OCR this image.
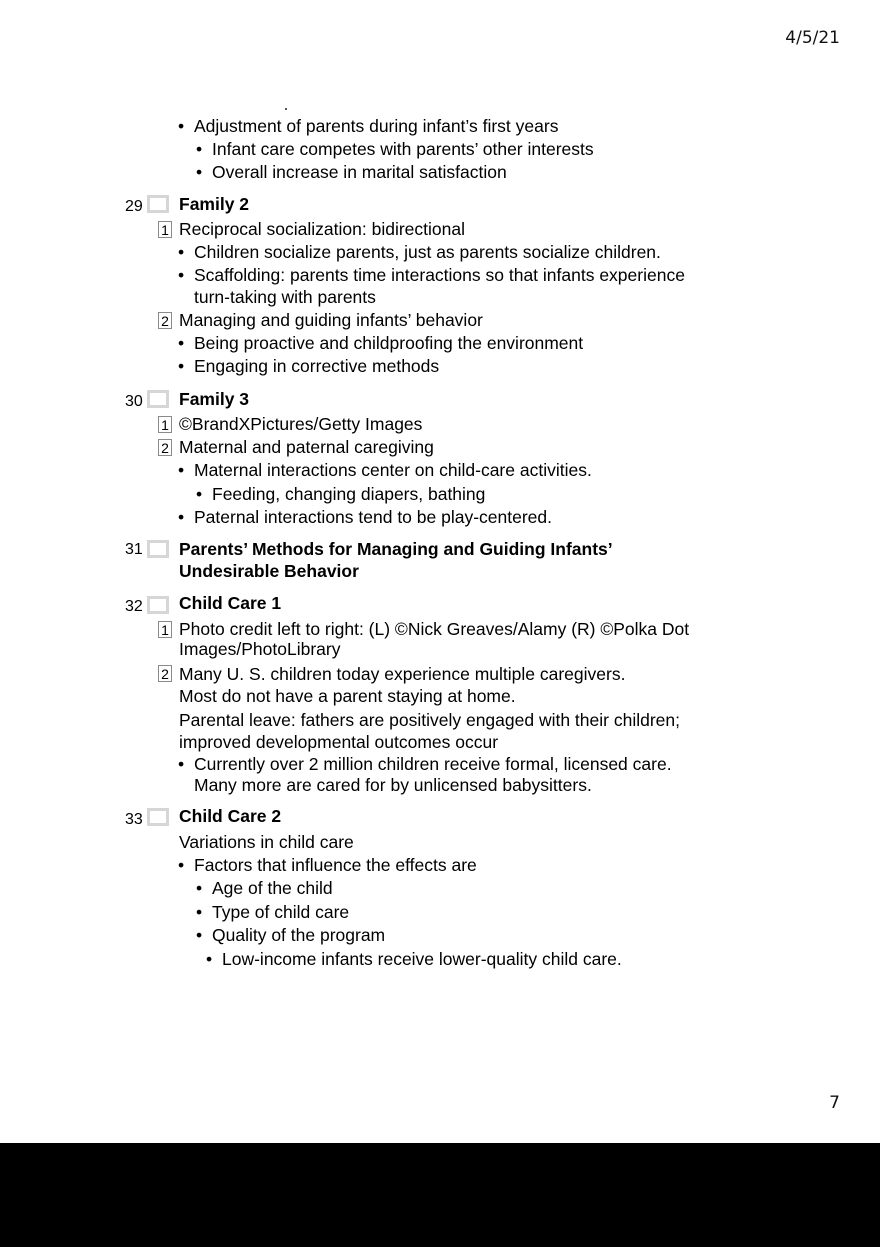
4/5/21
• Adjustment of parents during infant’s first years
• Infant care competes with parents’ other interests
• Overall increase in marital satisfaction
29 Family 2
1 Reciprocal socialization: bidirectional
• Children socialize parents, just as parents socialize children.
• Scaffolding: parents time interactions so that infants experience
turn-taking with parents
2 Managing and guiding infants’ behavior
• Being proactive and childproofing the environment
• Engaging in corrective methods
30 Family 3
1 ©BrandXPictures/Getty Images
2 Maternal and paternal caregiving
• Maternal interactions center on child-care activities.
• Feeding, changing diapers, bathing
• Paternal interactions tend to be play-centered.
31 Parents’ Methods for Managing and Guiding Infants’
Undesirable Behavior
32 Child Care 1
1 Photo credit left to right: (L) ©Nick Greaves/Alamy (R) ©Polka Dot
Images/PhotoLibrary
2 Many U. S. children today experience multiple caregivers.
Most do not have a parent staying at home.
Parental leave: fathers are positively engaged with their children;
improved developmental outcomes occur
• Currently over 2 million children receive formal, licensed care.
Many more are cared for by unlicensed babysitters.
33 Child Care 2
Variations in child care
• Factors that influence the effects are
• Age of the child
• Type of child care
• Quality of the program
• Low-income infants receive lower-quality child care.
7
